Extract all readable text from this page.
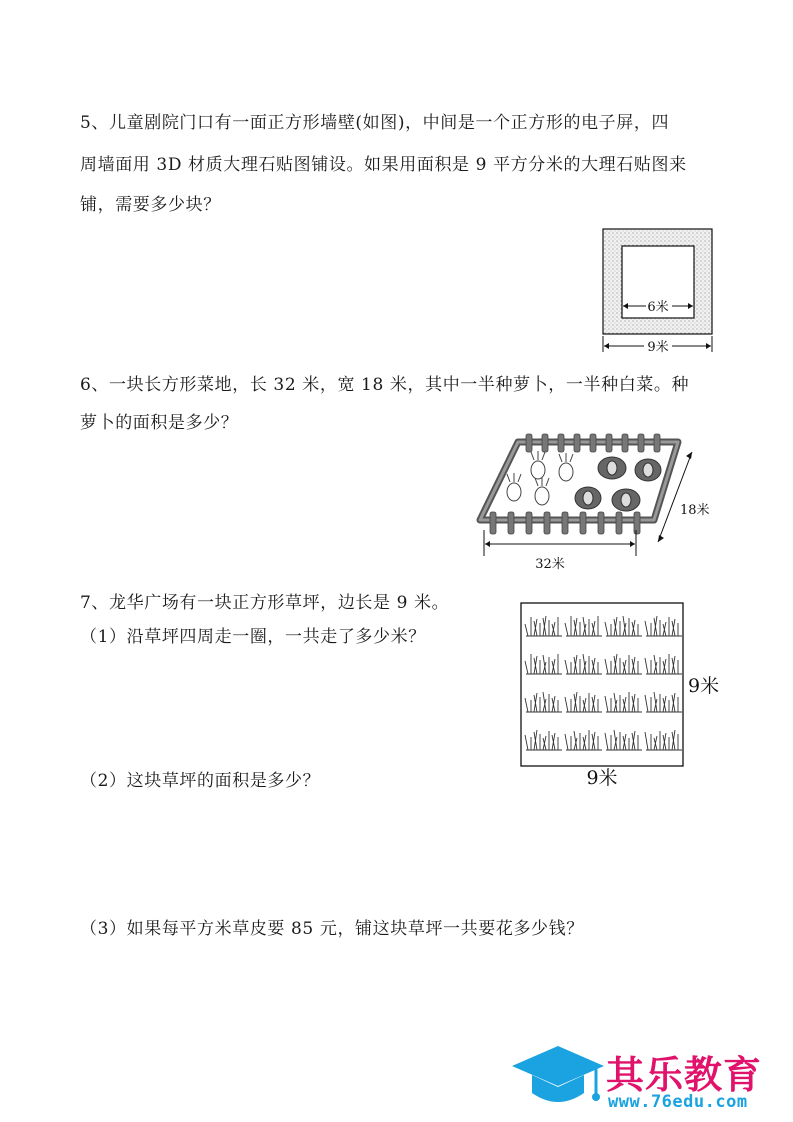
5、儿童剧院门口有一面正方形墙壁(如图)，中间是一个正方形的电子屏，四
周墙面用 3D 材质大理石贴图铺设。如果用面积是 9 平方分米的大理石贴图来
铺，需要多少块？
6米
9米
6、一块长方形菜地，长 32 米，宽 18 米，其中一半种萝卜，一半种白菜。种
萝卜的面积是多少？
32米
18米
7、龙华广场有一块正方形草坪，边长是 9 米。
（1）沿草坪四周走一圈，一共走了多少米？
（2）这块草坪的面积是多少？
（3）如果每平方米草皮要 85 元，铺这块草坪一共要花多少钱？
9米
9米
其乐教育
www.76edu.com
